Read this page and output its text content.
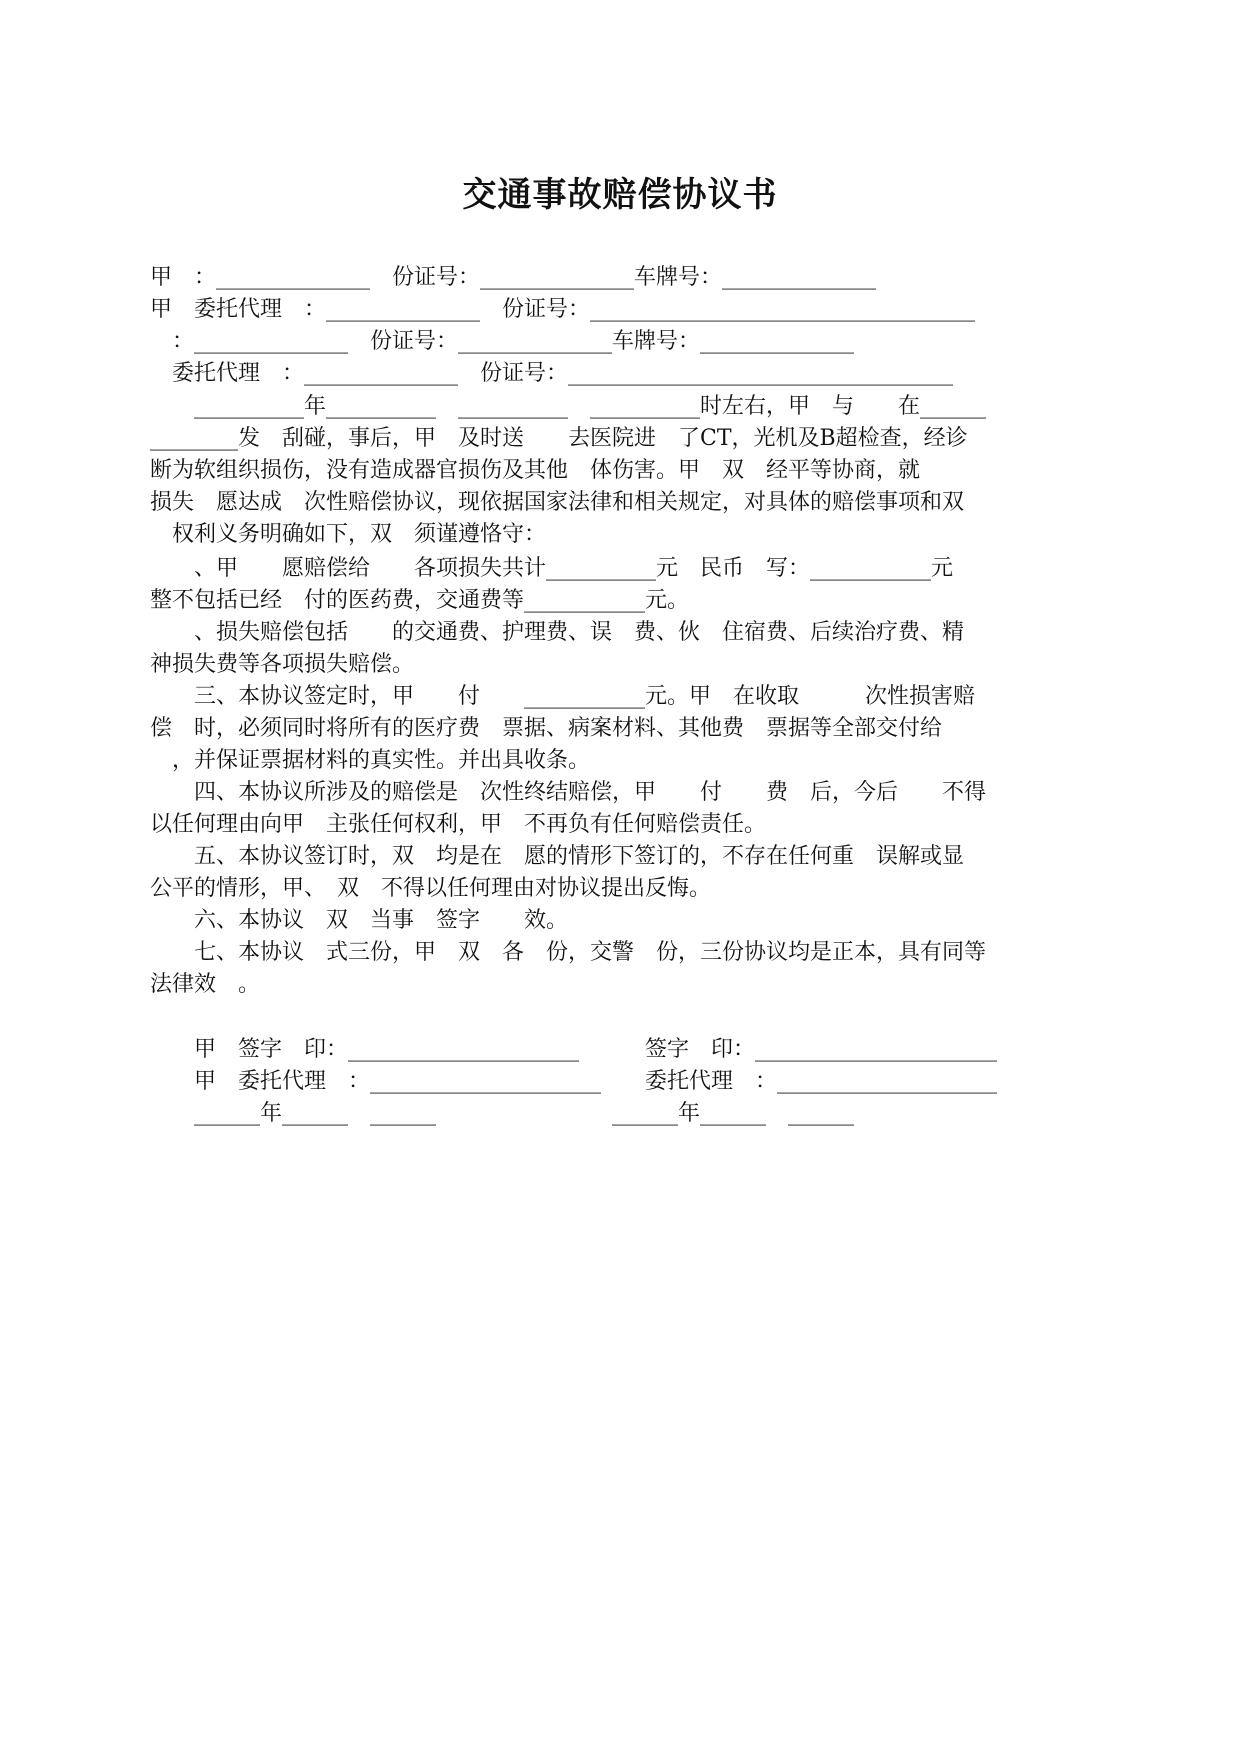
交通事故赔偿协议书
甲　：______________　份证号：______________车牌号：______________
甲　委托代理　：______________　份证号：___________________________________
　：______________　份证号：______________车牌号：______________
　委托代理　：______________　份证号：___________________________________
　　__________年__________　__________　__________时左右，甲　与　　在______
________发　刮碰，事后，甲　及时送　　去医院进　了CT，光机及B超检查，经诊
断为软组织损伤，没有造成器官损伤及其他　体伤害。甲　双　经平等协商，就
损失　愿达成　次性赔偿协议，现依据国家法律和相关规定，对具体的赔偿事项和双
　权利义务明确如下，双　须谨遵恪守：
　　、甲　　愿赔偿给　　各项损失共计__________元　民币　写：___________元
整不包括已经　付的医药费，交通费等___________元。
　　、损失赔偿包括　　的交通费、护理费、误　费、伙　住宿费、后续治疗费、精
神损失费等各项损失赔偿。
　　三、本协议签定时，甲　　付　　___________元。甲　在收取　　　次性损害赔
偿　时，必须同时将所有的医疗费　票据、病案材料、其他费　票据等全部交付给
　，并保证票据材料的真实性。并出具收条。
　　四、本协议所涉及的赔偿是　次性终结赔偿，甲　　付　　费　后，今后　　不得
以任何理由向甲　主张任何权利，甲　不再负有任何赔偿责任。
　　五、本协议签订时，双　均是在　愿的情形下签订的，不存在任何重　误解或显
公平的情形，甲、　双　不得以任何理由对协议提出反悔。
　　六、本协议　双　当事　签字　　效。
　　七、本协议　式三份，甲　双　各　份，交警　份，三份协议均是正本，具有同等
法律效　。
　　甲　签字　印：_____________________　　　签字　印：______________________
　　甲　委托代理　：_____________________　　委托代理　：____________________
　　______年______　______　　　　　　　　______年______　______
